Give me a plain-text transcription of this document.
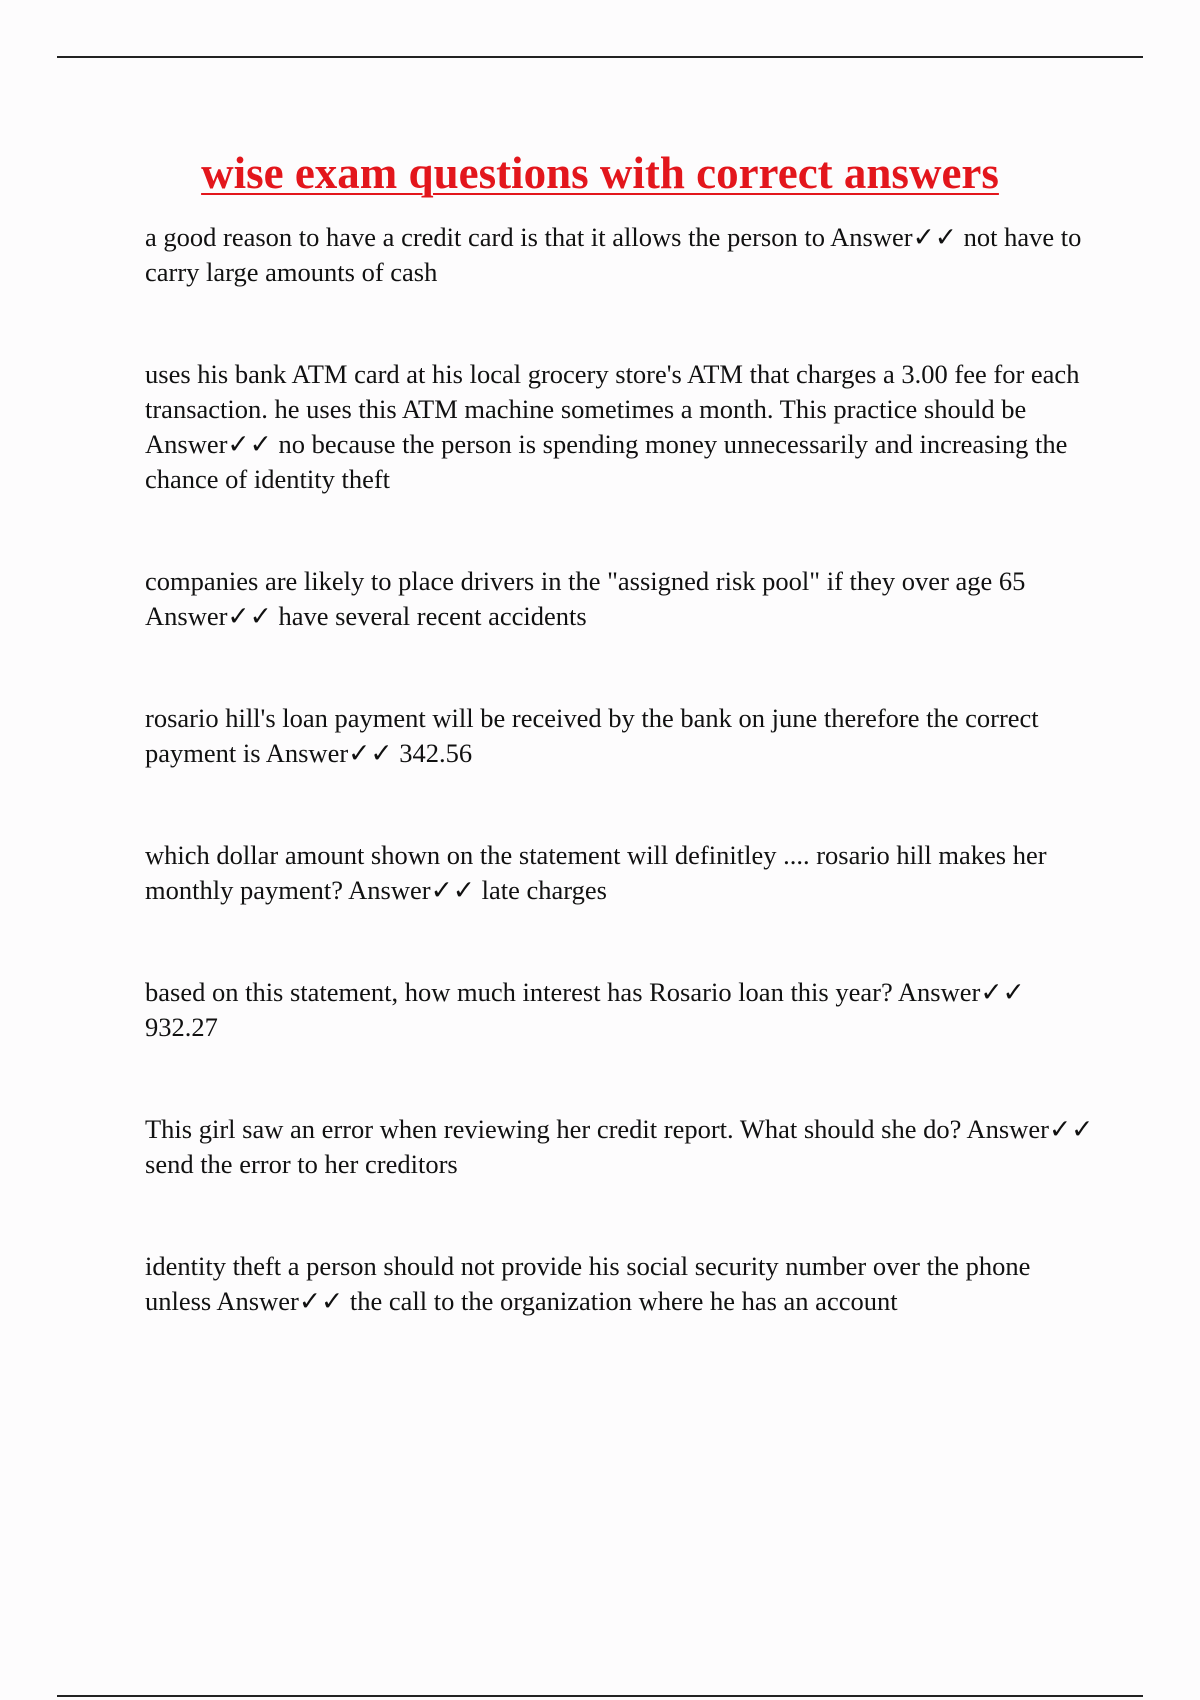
wise exam questions with correct answers
a good reason to have a credit card is that it allows the person to Answer✓✓ not have to carry large amounts of cash
uses his bank ATM card at his local grocery store's ATM that charges a 3.00 fee for each transaction. he uses this ATM machine sometimes a month. This practice should be Answer✓✓ no because the person is spending money unnecessarily and increasing the chance of identity theft
companies are likely to place drivers in the "assigned risk pool" if they over age 65 Answer✓✓ have several recent accidents
rosario hill's loan payment will be received by the bank on june therefore the correct payment is Answer✓✓ 342.56
which dollar amount shown on the statement will definitley .... rosario hill makes her monthly payment? Answer✓✓ late charges
based on this statement, how much interest has Rosario loan this year? Answer✓✓ 932.27
This girl saw an error when reviewing her credit report. What should she do? Answer✓✓ send the error to her creditors
identity theft a person should not provide his social security number over the phone unless Answer✓✓ the call to the organization where he has an account
